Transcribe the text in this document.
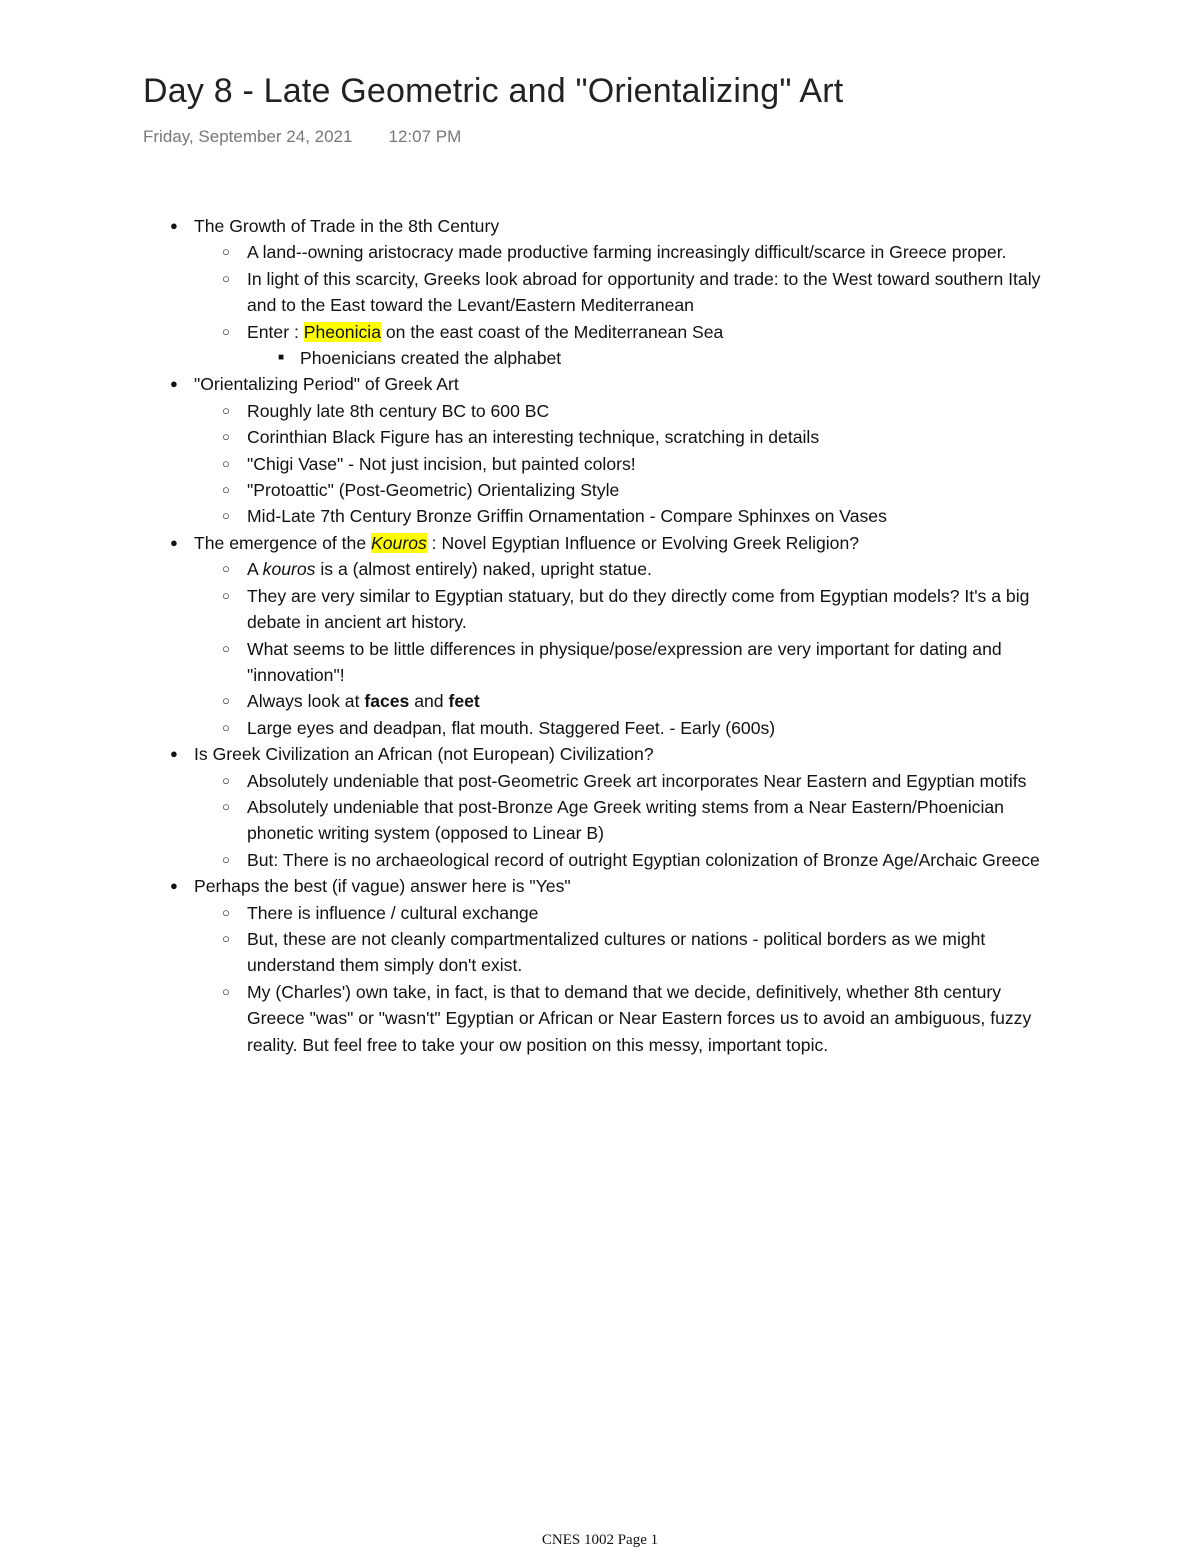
Day 8 - Late Geometric and "Orientalizing" Art
Friday, September 24, 2021 12:07 PM
● The Growth of Trade in the 8th Century
○ A land--owning aristocracy made productive farming increasingly difficult/scarce in Greece proper.
○ In light of this scarcity, Greeks look abroad for opportunity and trade: to the West toward southern Italy and to the East toward the Levant/Eastern Mediterranean
○ Enter : Pheonicia on the east coast of the Mediterranean Sea
■ Phoenicians created the alphabet
● "Orientalizing Period" of Greek Art
○ Roughly late 8th century BC to 600 BC
○ Corinthian Black Figure has an interesting technique, scratching in details
○ "Chigi Vase" - Not just incision, but painted colors!
○ "Protoattic" (Post-Geometric) Orientalizing Style
○ Mid-Late 7th Century Bronze Griffin Ornamentation - Compare Sphinxes on Vases
● The emergence of the Kouros : Novel Egyptian Influence or Evolving Greek Religion?
○ A kouros is a (almost entirely) naked, upright statue.
○ They are very similar to Egyptian statuary, but do they directly come from Egyptian models? It's a big debate in ancient art history.
○ What seems to be little differences in physique/pose/expression are very important for dating and "innovation"!
○ Always look at faces and feet
○ Large eyes and deadpan, flat mouth. Staggered Feet. - Early (600s)
● Is Greek Civilization an African (not European) Civilization?
○ Absolutely undeniable that post-Geometric Greek art incorporates Near Eastern and Egyptian motifs
○ Absolutely undeniable that post-Bronze Age Greek writing stems from a Near Eastern/Phoenician phonetic writing system (opposed to Linear B)
○ But: There is no archaeological record of outright Egyptian colonization of Bronze Age/Archaic Greece
● Perhaps the best (if vague) answer here is "Yes"
○ There is influence / cultural exchange
○ But, these are not cleanly compartmentalized cultures or nations - political borders as we might understand them simply don't exist.
○ My (Charles') own take, in fact, is that to demand that we decide, definitively, whether 8th century Greece "was" or "wasn't" Egyptian or African or Near Eastern forces us to avoid an ambiguous, fuzzy reality. But feel free to take your ow position on this messy, important topic.
CNES 1002 Page 1
